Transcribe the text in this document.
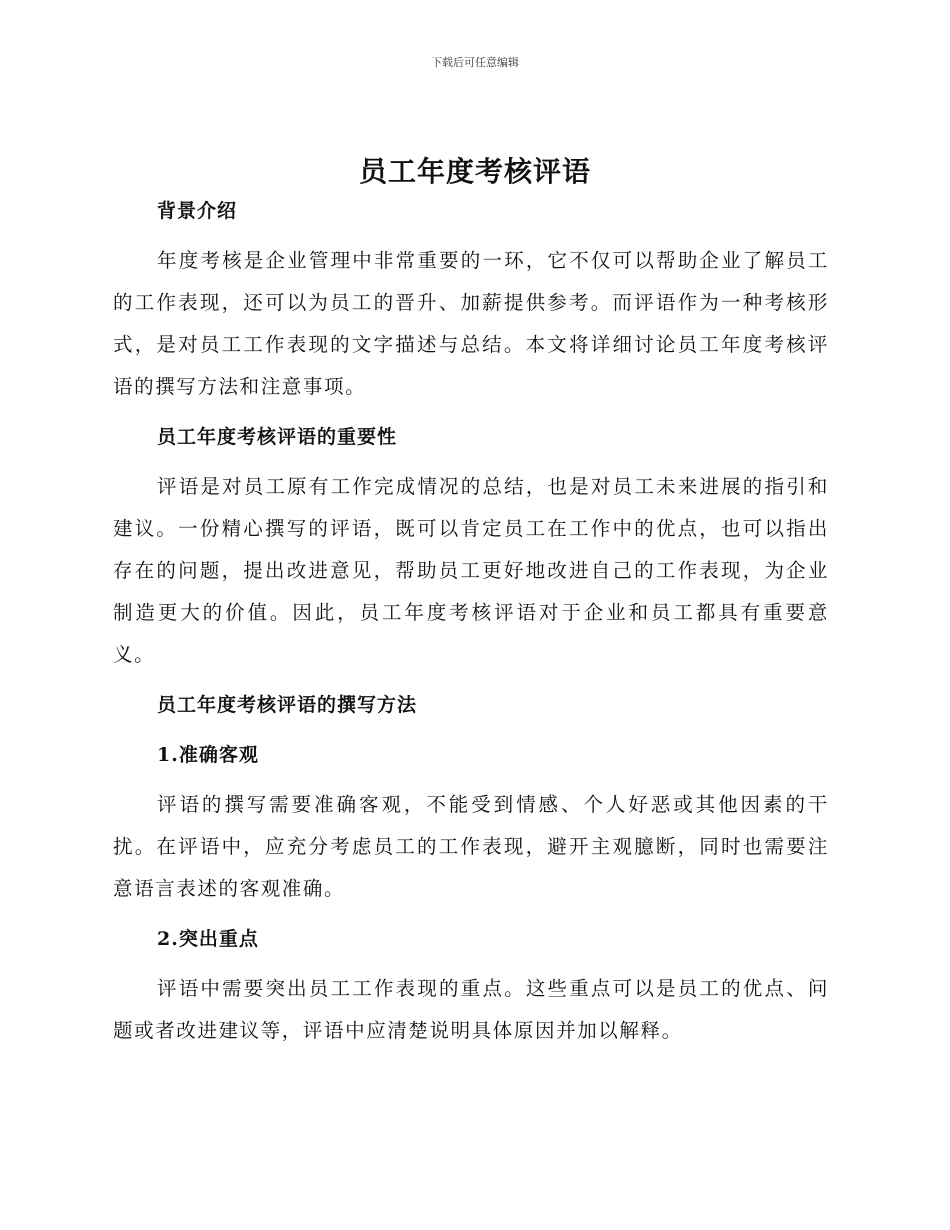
下载后可任意编辑
员工年度考核评语
背景介绍

年度考核是企业管理中非常重要的一环，它不仅可以帮助企业了解员工的工作表现，还可以为员工的晋升、加薪提供参考。而评语作为一种考核形式，是对员工工作表现的文字描述与总结。本文将详细讨论员工年度考核评语的撰写方法和注意事项。

员工年度考核评语的重要性

评语是对员工原有工作完成情况的总结，也是对员工未来进展的指引和建议。一份精心撰写的评语，既可以肯定员工在工作中的优点，也可以指出存在的问题，提出改进意见，帮助员工更好地改进自己的工作表现，为企业制造更大的价值。因此，员工年度考核评语对于企业和员工都具有重要意义。

员工年度考核评语的撰写方法
1.准确客观

评语的撰写需要准确客观，不能受到情感、个人好恶或其他因素的干扰。在评语中，应充分考虑员工的工作表现，避开主观臆断，同时也需要注意语言表述的客观准确。

2.突出重点

评语中需要突出员工工作表现的重点。这些重点可以是员工的优点、问题或者改进建议等，评语中应清楚说明具体原因并加以解释。
